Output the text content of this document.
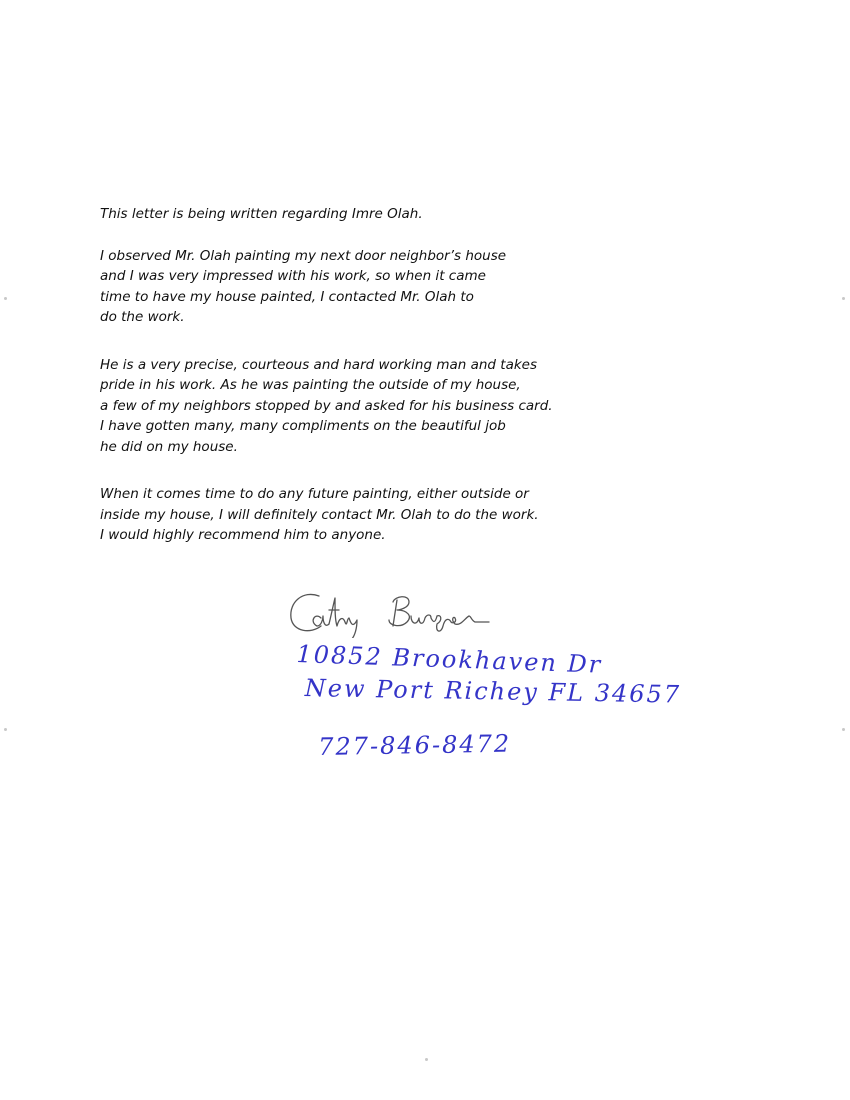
This letter is being written regarding Imre Olah.

I observed Mr. Olah painting my next door neighbor’s house
and I was very impressed with his work, so when it came
time to have my house painted, I contacted Mr. Olah to
do the work.

He is a very precise, courteous and hard working man and takes
pride in his work. As he was painting the outside of my house,
a few of my neighbors stopped by and asked for his business card.
I have gotten many, many compliments on the beautiful job
he did on my house.

When it comes time to do any future painting, either outside or
inside my house, I will definitely contact Mr. Olah to do the work.
I would highly recommend him to anyone.

10852 Brookhaven Dr
New Port Richey FL 34657
727-846-8472
